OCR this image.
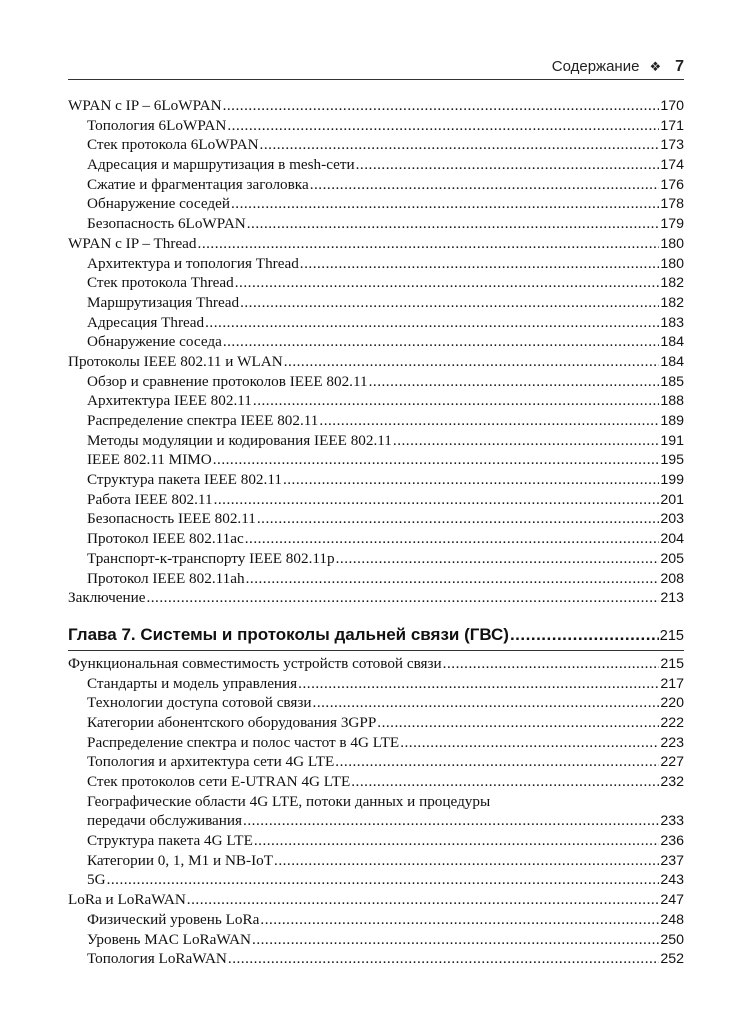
Содержание ❖ 7
WPAN с IP – 6LoWPAN .....	170
Топология 6LoWPAN .....	171
Стек протокола 6LoWPAN .....	173
Адресация и маршрутизация в mesh-сети .....	174
Сжатие и фрагментация заголовка .....	176
Обнаружение соседей .....	178
Безопасность 6LoWPAN .....	179
WPAN с IP – Thread .....	180
Архитектура и топология Thread .....	180
Стек протокола Thread .....	182
Маршрутизация Thread .....	182
Адресация Thread .....	183
Обнаружение соседа .....	184
Протоколы IEEE 802.11 и WLAN .....	184
Обзор и сравнение протоколов IEEE 802.11 .....	185
Архитектура IEEE 802.11 .....	188
Распределение спектра IEEE 802.11 .....	189
Методы модуляции и кодирования IEEE 802.11 .....	191
IEEE 802.11 MIMO .....	195
Структура пакета IEEE 802.11 .....	199
Работа IEEE 802.11 .....	201
Безопасность IEEE 802.11 .....	203
Протокол IEEE 802.11ac .....	204
Транспорт-к-транспорту IEEE 802.11p .....	205
Протокол IEEE 802.11ah .....	208
Заключение .....	213
Глава 7. Системы и протоколы дальней связи (ГВС) .....	215
Функциональная совместимость устройств сотовой связи .....	215
Стандарты и модель управления .....	217
Технологии доступа сотовой связи .....	220
Категории абонентского оборудования 3GPP .....	222
Распределение спектра и полос частот в 4G LTE .....	223
Топология и архитектура сети 4G LTE .....	227
Стек протоколов сети E-UTRAN 4G LTE .....	232
Географические области 4G LTE, потоки данных и процедуры
передачи обслуживания .....	233
Структура пакета 4G LTE .....	236
Категории 0, 1, M1 и NB-IoT .....	237
5G .....	243
LoRa и LoRaWAN .....	247
Физический уровень LoRa .....	248
Уровень MAC LoRaWAN .....	250
Топология LoRaWAN .....	252
